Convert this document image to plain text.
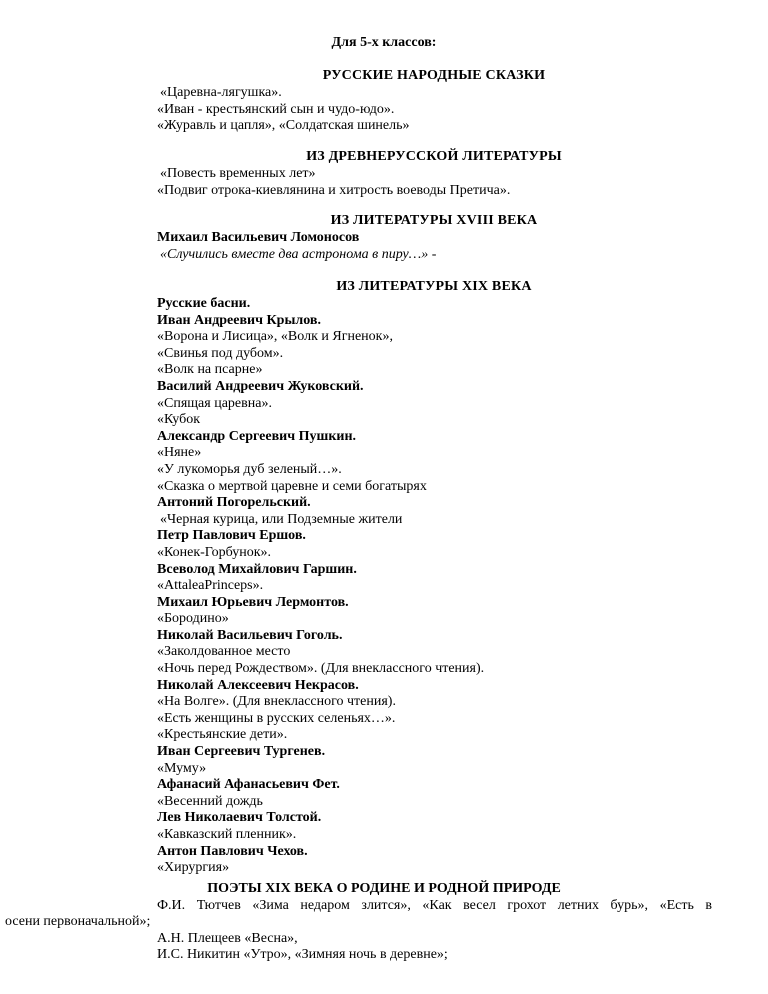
Для 5-х классов:
РУССКИЕ НАРОДНЫЕ СКАЗКИ
«Царевна-лягушка».
«Иван - крестьянский сын и чудо-юдо».
«Журавль и цапля», «Солдатская шинель»
ИЗ ДРЕВНЕРУССКОЙ ЛИТЕРАТУРЫ
«Повесть временных лет»
«Подвиг отрока-киевлянина и хитрость воеводы Претича».
ИЗ ЛИТЕРАТУРЫ XVIII ВЕКА
Михаил Васильевич Ломоносов
«Случились вместе два астронома в пиру…» -
ИЗ ЛИТЕРАТУРЫ XIX ВЕКА
Русские басни.
Иван Андреевич Крылов.
«Ворона и Лисица», «Волк и Ягненок»,
«Свинья под дубом».
«Волк на псарне»
Василий Андреевич Жуковский.
«Спящая царевна».
«Кубок
Александр Сергеевич Пушкин.
«Няне»
«У лукоморья дуб зеленый…».
«Сказка о мертвой царевне и семи богатырях
Антоний Погорельский.
«Черная курица, или Подземные жители
Петр Павлович Ершов.
«Конек-Горбунок».
Всеволод Михайлович Гаршин.
«AttaleaPrinceps».
Михаил Юрьевич Лермонтов.
«Бородино»
Николай Васильевич Гоголь.
«Заколдованное место
«Ночь перед Рождеством». (Для внеклассного чтения).
Николай Алексеевич Некрасов.
«На Волге». (Для внеклассного чтения).
«Есть женщины в русских селеньях…».
«Крестьянские дети».
Иван Сергеевич Тургенев.
«Муму»
Афанасий Афанасьевич Фет.
«Весенний дождь
Лев Николаевич Толстой.
«Кавказский пленник».
Антон Павлович Чехов.
«Хирургия»
ПОЭТЫ XIX ВЕКА О РОДИНЕ И РОДНОЙ ПРИРОДЕ
Ф.И. Тютчев «Зима недаром злится», «Как весел грохот летних бурь», «Есть в
осени первоначальной»;
А.Н. Плещеев «Весна»,
И.С. Никитин «Утро», «Зимняя ночь в деревне»;
